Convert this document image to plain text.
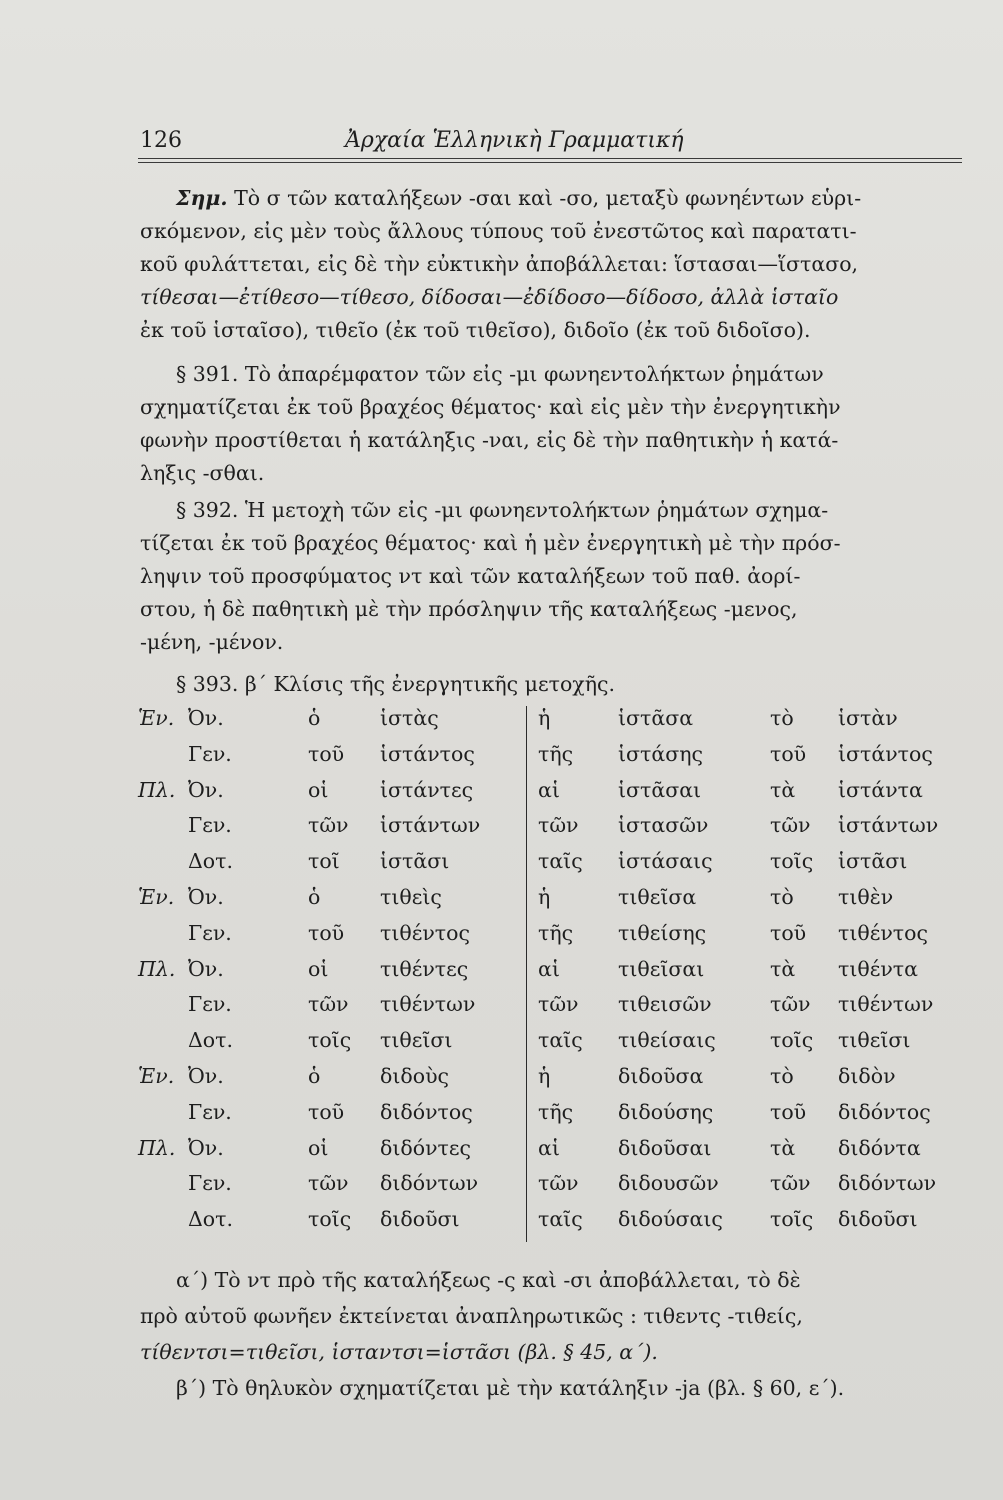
126	Ἀρχαία Ἑλληνικὴ Γραμματική

Σημ. Τὸ σ τῶν καταλήξεων -σαι καὶ -σο, μεταξὺ φωνηέντων εὑρι-

σκόμενον, εἰς μὲν τοὺς ἄλλους τύπους τοῦ ἐνεστῶτος καὶ παρατατι-

κοῦ φυλάττεται, εἰς δὲ τὴν εὐκτικὴν ἀποβάλλεται: ἵστασαι—ἵστασο,

τίθεσαι—ἐτίθεσο—τίθεσο, δίδοσαι—ἐδίδοσο—δίδοσο, ἀλλὰ ἱσταῖο

ἐκ τοῦ ἱσταῖσο), τιθεῖο (ἐκ τοῦ τιθεῖσο), διδοῖο (ἐκ τοῦ διδοῖσο).

§ 391. Τὸ ἀπαρέμφατον τῶν εἰς -μι φωνηεντολήκτων ῥημάτων

σχηματίζεται ἐκ τοῦ βραχέος θέματος· καὶ εἰς μὲν τὴν ἐνεργητικὴν

φωνὴν προστίθεται ἡ κατάληξις -ναι, εἰς δὲ τὴν παθητικὴν ἡ κατά-

ληξις -σθαι.

§ 392. Ἡ μετοχὴ τῶν εἰς -μι φωνηεντολήκτων ῥημάτων σχημα-

τίζεται ἐκ τοῦ βραχέος θέματος· καὶ ἡ μὲν ἐνεργητικὴ μὲ τὴν πρόσ-

ληψιν τοῦ προσφύματος ντ καὶ τῶν καταλήξεων τοῦ παθ. ἀορί-

στου, ἡ δὲ παθητικὴ μὲ τὴν πρόσληψιν τῆς καταλήξεως -μενος,

-μένη, -μένον.

§ 393. β΄ Κλίσις τῆς ἐνεργητικῆς μετοχῆς.

Ἑν. Ὀν.	ὁ	ἱστὰς	ἡ	ἱστᾶσα	τὸ ἱστὰν
Γεν.	τοῦ ἱστάντος	τῆς ἱστάσης	τοῦ ἱστάντος
Πλ. Ὀν.	οἱ	ἱστάντες	αἱ	ἱστᾶσαι	τὰ ἱστάντα
Γεν.	τῶν ἱστάντων	τῶν ἱστασῶν	τῶν ἱστάντων
Δοτ.	τοῖ ἱστᾶσι	ταῖς ἱστάσαις	τοῖς ἱστᾶσι
Ἑν. Ὀν.	ὁ	τιθεὶς	ἡ	τιθεῖσα	τὸ τιθὲν
Γεν.	τοῦ τιθέντος	τῆς τιθείσης	τοῦ τιθέντος
Πλ. Ὀν.	οἱ	τιθέντες	αἱ	τιθεῖσαι	τὰ τιθέντα
Γεν.	τῶν τιθέντων	τῶν τιθεισῶν	τῶν τιθέντων
Δοτ.	τοῖς τιθεῖσι	ταῖς τιθείσαις	τοῖς τιθεῖσι
Ἑν. Ὀν.	ὁ	διδοὺς	ἡ	διδοῦσα	τὸ διδὸν
Γεν.	τοῦ διδόντος	τῆς διδούσης	τοῦ διδόντος
Πλ. Ὀν.	οἱ	διδόντες	αἱ	διδοῦσαι	τὰ διδόντα
Γεν.	τῶν διδόντων	τῶν διδουσῶν	τῶν διδόντων
Δοτ.	τοῖς διδοῦσι	ταῖς διδούσαις τοῖς διδοῦσι

α΄) Τὸ ντ πρὸ τῆς καταλήξεως -ς καὶ -σι ἀποβάλλεται, τὸ δὲ

πρὸ αὐτοῦ φωνῆεν ἐκτείνεται ἀναπληρωτικῶς : τιθεντς -τιθείς,

τίθεντσι=τιθεῖσι, ἱσταντσι=ἱστᾶσι (βλ. § 45, α΄).

β΄) Τὸ θηλυκὸν σχηματίζεται μὲ τὴν κατάληξιν -ja (βλ. § 60, ε΄).
